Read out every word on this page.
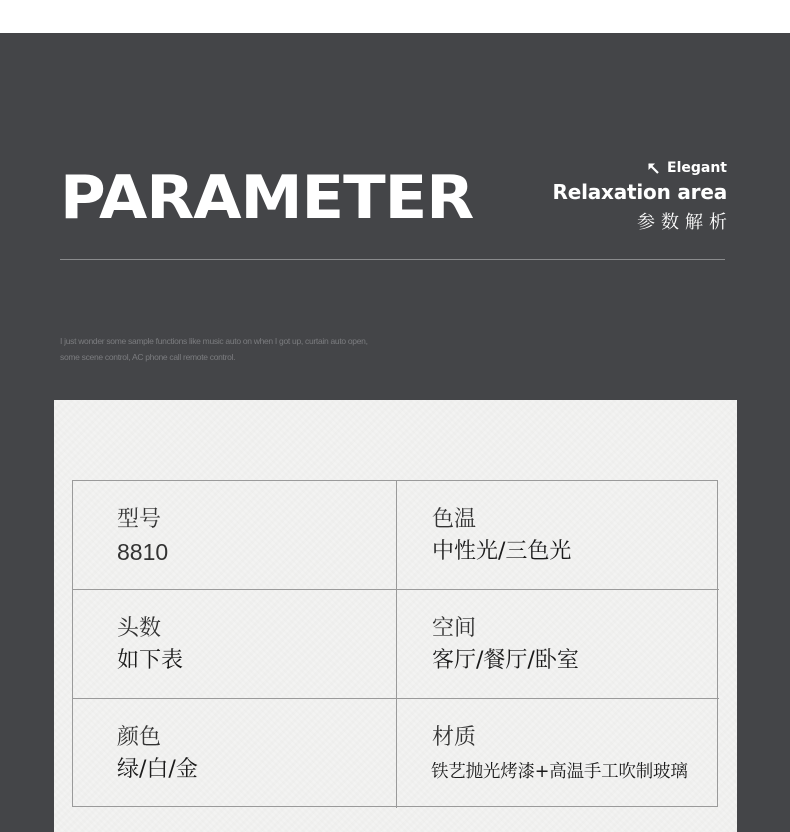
PARAMETER	Elegant
Relaxation area
参数解析
I just wonder some sample functions like music auto on when I got up, curtain auto open,
some scene control, AC phone call remote control.
型号
8810
色温
中性光/三色光
头数
如下表
空间
客厅/餐厅/卧室
颜色
绿/白/金
材质
铁艺抛光烤漆+高温手工吹制玻璃
